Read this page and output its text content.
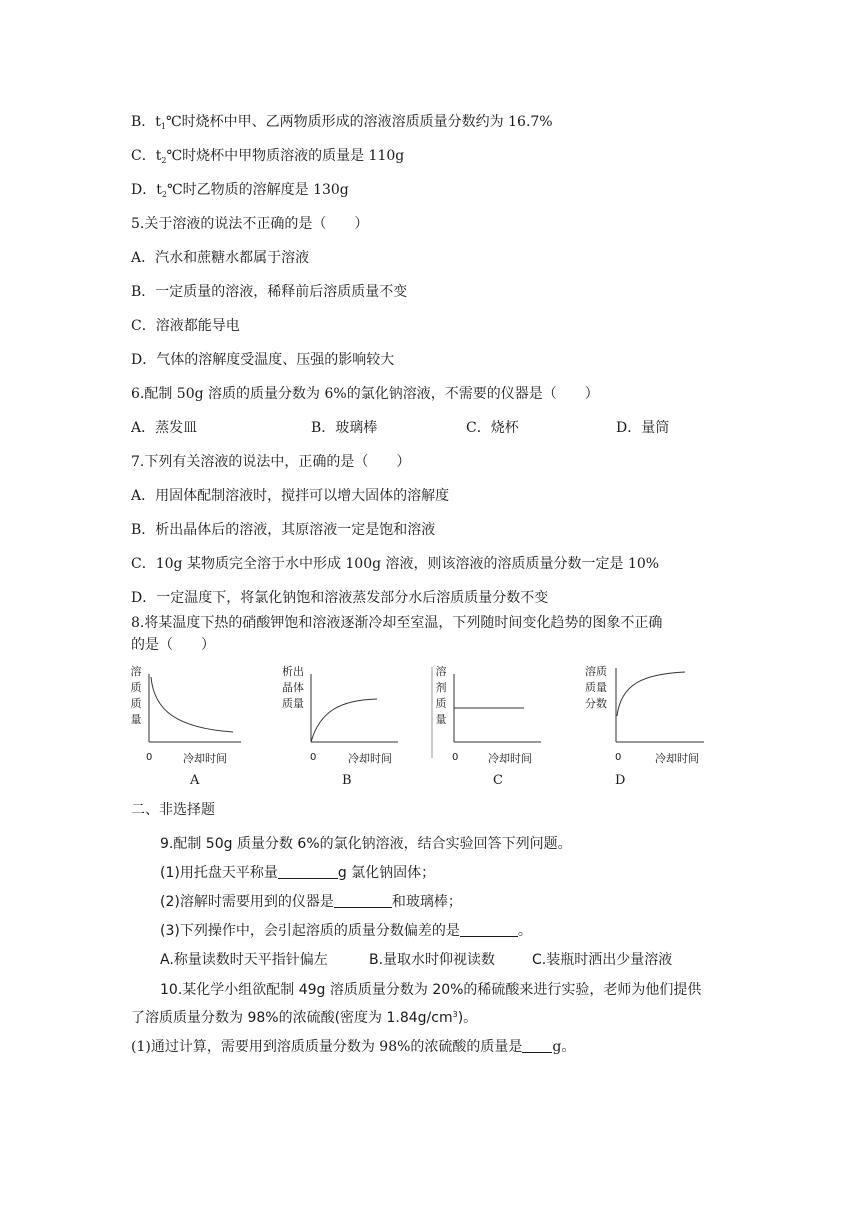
B．$t_1℃$时烧杯中甲、乙两物质形成的溶液溶质质量分数约为 16.7%
C．$t_2℃$时烧杯中甲物质溶液的质量是 110g
D．$t_2℃$时乙物质的溶解度是 130g
5.关于溶液的说法不正确的是（　　）
A．汽水和蔗糖水都属于溶液
B．一定质量的溶液，稀释前后溶质质量不变
C．溶液都能导电
D．气体的溶解度受温度、压强的影响较大
6.配制 50g 溶质的质量分数为 6%的氯化钠溶液，不需要的仪器是（　　）
A．蒸发皿	B．玻璃棒	C．烧杯	D．量筒
7.下列有关溶液的说法中，正确的是（　　）
A．用固体配制溶液时，搅拌可以增大固体的溶解度
B．析出晶体后的溶液，其原溶液一定是饱和溶液
C．10g 某物质完全溶于水中形成 100g 溶液，则该溶液的溶质质量分数一定是 10%
D．一定温度下，将氯化钠饱和溶液蒸发部分水后溶质质量分数不变
8.将某温度下热的硝酸钾饱和溶液逐渐冷却至室温，下列随时间变化趋势的图象不正确
的是（　　）
溶
质
质
量
0	冷却时间
A
析出
晶体
质量
0	冷却时间
B
溶
剂
质
量
0	冷却时间
C
溶质
质量
分数
0	冷却时间
D
二、非选择题
9.配制 50g 质量分数 6%的氯化钠溶液，结合实验回答下列问题。
(1)用托盘天平称量	g 氯化钠固体；
(2)溶解时需要用到的仪器是	和玻璃棒；
(3)下列操作中，会引起溶质的质量分数偏差的是	。
A.称量读数时天平指针偏左	B.量取水时仰视读数	C.装瓶时洒出少量溶液
10.某化学小组欲配制 49g 溶质质量分数为 20%的稀硫酸来进行实验，老师为他们提供
了溶质质量分数为 98%的浓硫酸(密度为 $1.84g/cm^3$)。
(1)通过计算，需要用到溶质质量分数为 98%的浓硫酸的质量是 g。
